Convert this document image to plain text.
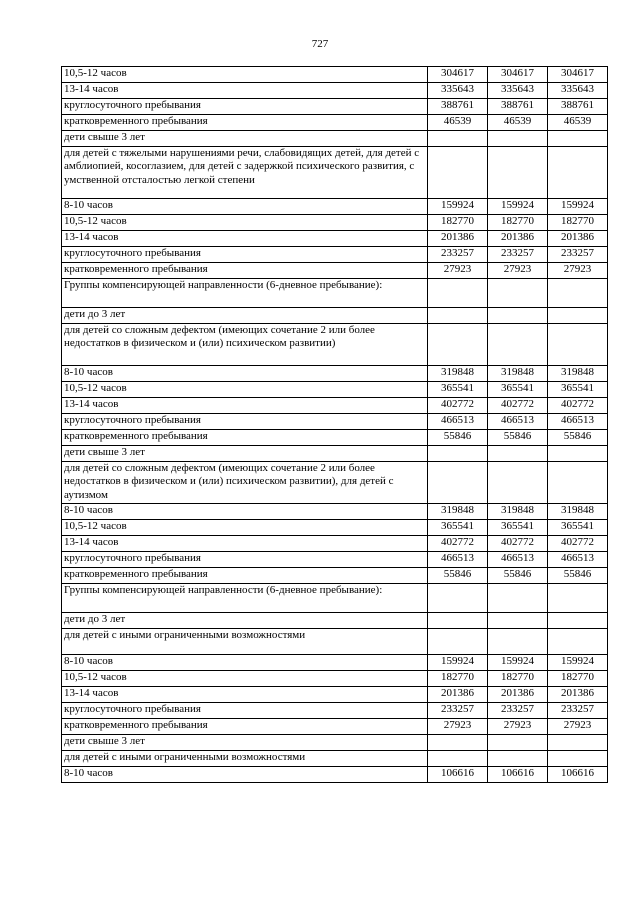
727
10,5-12 часов	304617	304617	304617
13-14 часов	335643	335643	335643
круглосуточного пребывания	388761	388761	388761
кратковременного пребывания	46539	46539	46539
дети свыше 3 лет			
для детей с тяжелыми нарушениями речи, слабовидящих детей, для детей с амблиопией, косоглазием, для детей с задержкой психического развития, с умственной отсталостью легкой степени			
8-10 часов	159924	159924	159924
10,5-12 часов	182770	182770	182770
13-14 часов	201386	201386	201386
круглосуточного пребывания	233257	233257	233257
кратковременного пребывания	27923	27923	27923
Группы компенсирующей направленности (6-дневное пребывание):			
дети до 3 лет			
для детей со сложным дефектом (имеющих сочетание 2 или более недостатков в физическом и (или) психическом развитии)			
8-10 часов	319848	319848	319848
10,5-12 часов	365541	365541	365541
13-14 часов	402772	402772	402772
круглосуточного пребывания	466513	466513	466513
кратковременного пребывания	55846	55846	55846
дети свыше 3 лет			
для детей со сложным дефектом (имеющих сочетание 2 или более недостатков в физическом и (или) психическом развитии), для детей с аутизмом			
8-10 часов	319848	319848	319848
10,5-12 часов	365541	365541	365541
13-14 часов	402772	402772	402772
круглосуточного пребывания	466513	466513	466513
кратковременного пребывания	55846	55846	55846
Группы компенсирующей направленности (6-дневное пребывание):			
дети до 3 лет			
для детей с иными ограниченными возможностями			
8-10 часов	159924	159924	159924
10,5-12 часов	182770	182770	182770
13-14 часов	201386	201386	201386
круглосуточного пребывания	233257	233257	233257
кратковременного пребывания	27923	27923	27923
дети свыше 3 лет			
для детей с иными ограниченными возможностями			
8-10 часов	106616	106616	106616
